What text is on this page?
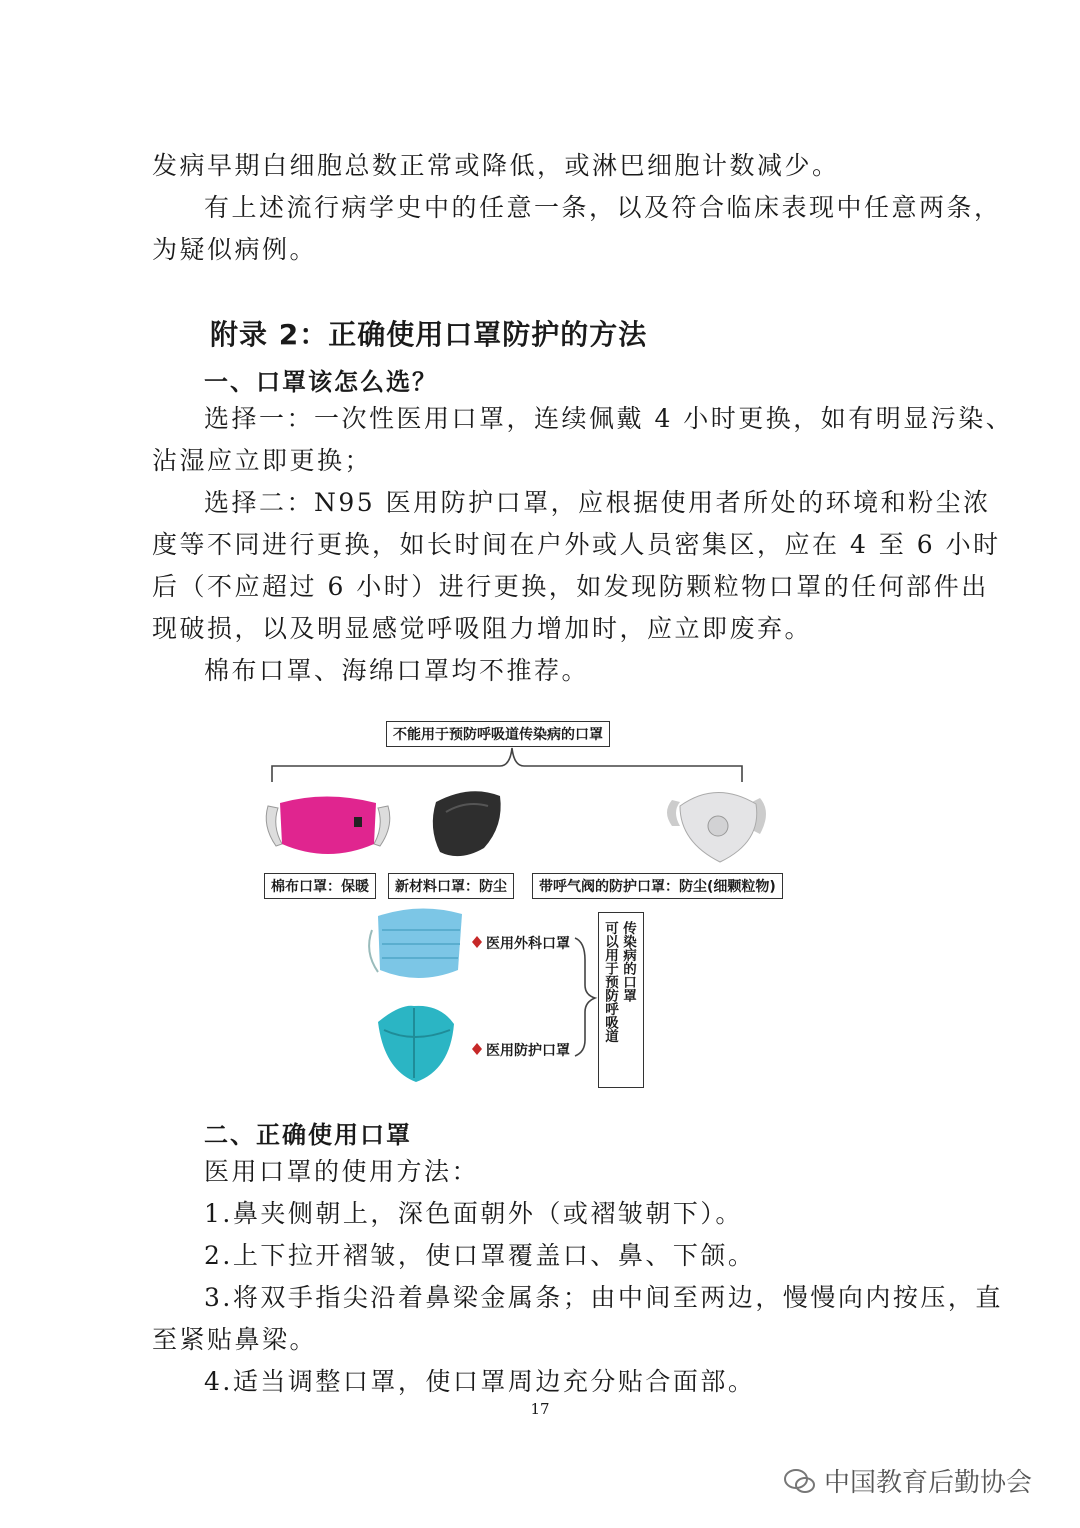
发病早期白细胞总数正常或降低，或淋巴细胞计数减少。
有上述流行病学史中的任意一条，以及符合临床表现中任意两条，
为疑似病例。
附录 2：正确使用口罩防护的方法
一、口罩该怎么选？
选择一：一次性医用口罩，连续佩戴 4 小时更换，如有明显污染、
沾湿应立即更换；
选择二：N95 医用防护口罩，应根据使用者所处的环境和粉尘浓
度等不同进行更换，如长时间在户外或人员密集区，应在 4 至 6 小时
后（不应超过 6 小时）进行更换，如发现防颗粒物口罩的任何部件出
现破损，以及明显感觉呼吸阻力增加时，应立即废弃。
棉布口罩、海绵口罩均不推荐。
不能用于预防呼吸道传染病的口罩
棉布口罩：保暖	新材料口罩：防尘	带呼气阀的防护口罩：防尘(细颗粒物)
医用外科口罩
医用防护口罩
可以用于预防呼吸道 传染病的口罩
二、正确使用口罩
医用口罩的使用方法：
1.鼻夹侧朝上，深色面朝外（或褶皱朝下）。
2.上下拉开褶皱，使口罩覆盖口、鼻、下颌。
3.将双手指尖沿着鼻梁金属条；由中间至两边，慢慢向内按压，直
至紧贴鼻梁。
4.适当调整口罩，使口罩周边充分贴合面部。
17
中国教育后勤协会
